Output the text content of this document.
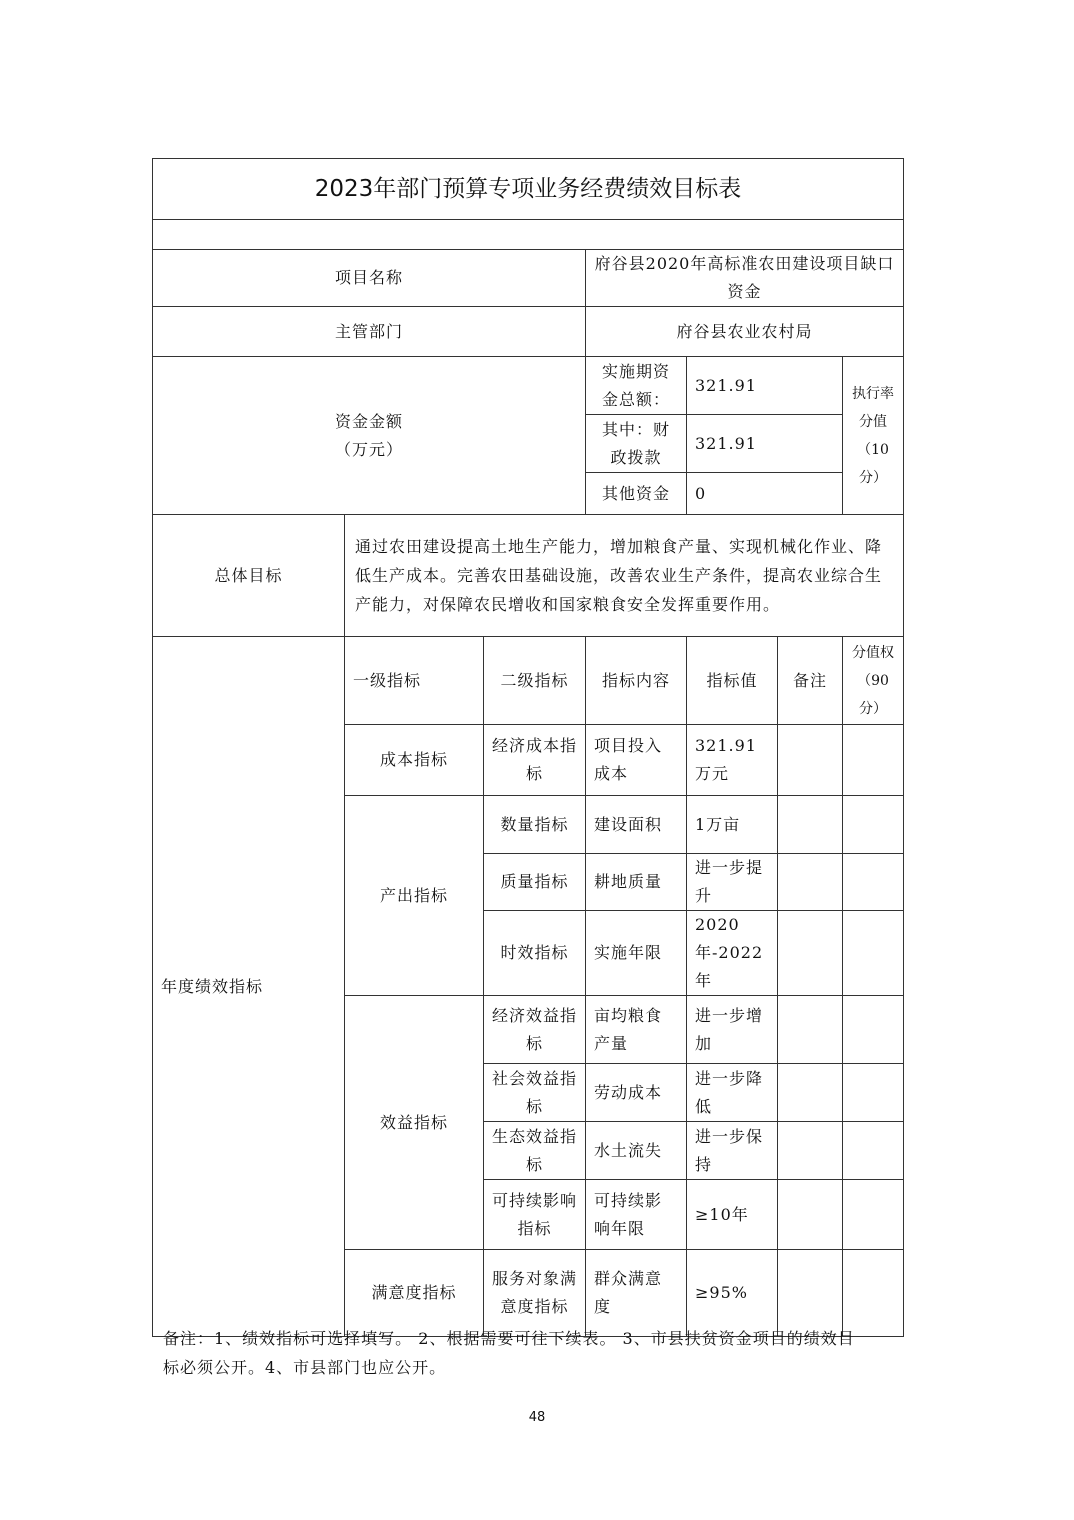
2023年部门预算专项业务经费绩效目标表						

项目名称			府谷县2020年高标准农田建设项目缺口资金			
主管部门			府谷县农业农村局			

资金金额
（万元）			实施期资金总额：	321.91		执行率分值（10分）
			其中：财政拨款	321.91		
			其他资金	0		
总体目标	通过农田建设提高土地生产能力，增加粮食产量、实现机械化作业、降低生产成本。完善农田基础设施，改善农业生产条件，提高农业综合生产能力，对保障农民增收和国家粮食安全发挥重要作用。					
年度绩效指标	一级指标	二级指标	指标内容	指标值	备注	分值权（90分）
	成本指标	经济成本指标	项目投入成本	321.91万元		
	产出指标	数量指标	建设面积	1万亩		
		质量指标	耕地质量	进一步提升		
		时效指标	实施年限	2020年-2022年		
	效益指标	经济效益指标	亩均粮食产量	进一步增加		
		社会效益指标	劳动成本	进一步降低		
		生态效益指标	水土流失	进一步保持		
		可持续影响指标	可持续影响年限	≥10年		
	满意度指标	服务对象满意度指标	群众满意度	≥95%		
备注：1、绩效指标可选择填写。 2、根据需要可往下续表。 3、市县扶贫资金项目的绩效目标必须公开。4、市县部门也应公开。
48
